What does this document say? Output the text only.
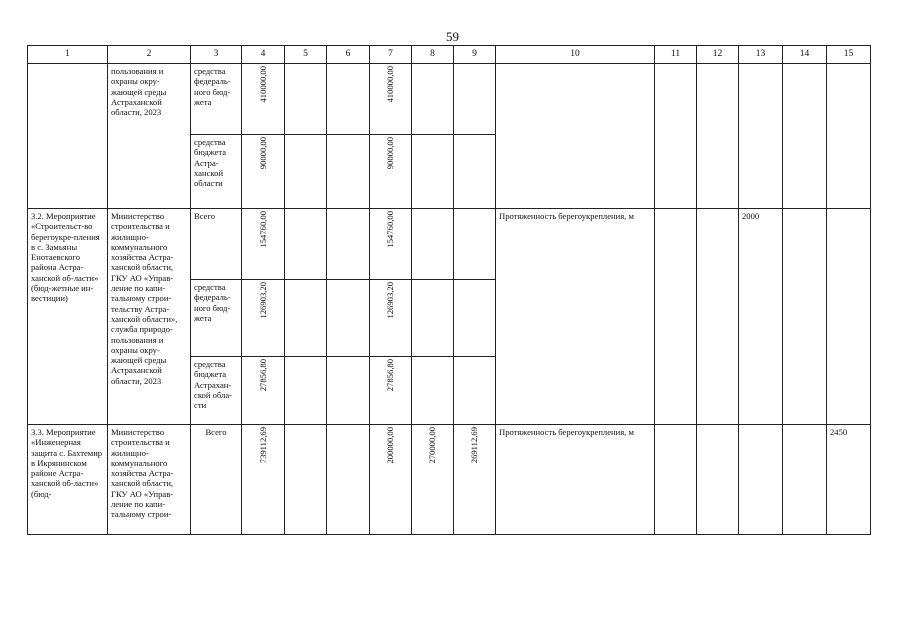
59
1	2	3	4	5	6	7	8	9	10	11	12	13	14	15
	пользования и охраны окру-жающей среды Астраханской области, 2023	средства федераль-ного бюд-жета	410000,00			410000,00								
		средства бюджета Астра-ханской области	90000,00			90000,00								
3.2. Мероприятие «Строительст-во берегоукре-пления в с. Замьяны Енотаевского района Астра-ханской об-ласти» (бюд-жетные ин-вестиции)	Министерство строительства и жилищно-коммунального хозяйства Астра-ханской области, ГКУ АО «Управ-ление по капи-тальному строи-тельству Астра-ханской области», служба природо-пользования и охраны окру-жающей среды Астраханской области, 2023	Всего	154760,00			154760,00			Протяженность берегоукрепления, м			2000		
		средства федераль-ного бюд-жета	126903,20			126903,20								
		средства бюджета Астрахан-ской обла-сти	27856,80			27856,80								
3.3. Мероприятие «Инженерная защита с. Бахтемир в Икрянинском районе Астра-ханской об-ласти» (бюд-	Министерство строительства и жилищно-коммунального хозяйства Астра-ханской области, ГКУ АО «Управ-ление по капи-тальному строи-	Всего	739112,69			200000,00	270000,00	269112,69	Протяженность берегоукрепления, м					2450
